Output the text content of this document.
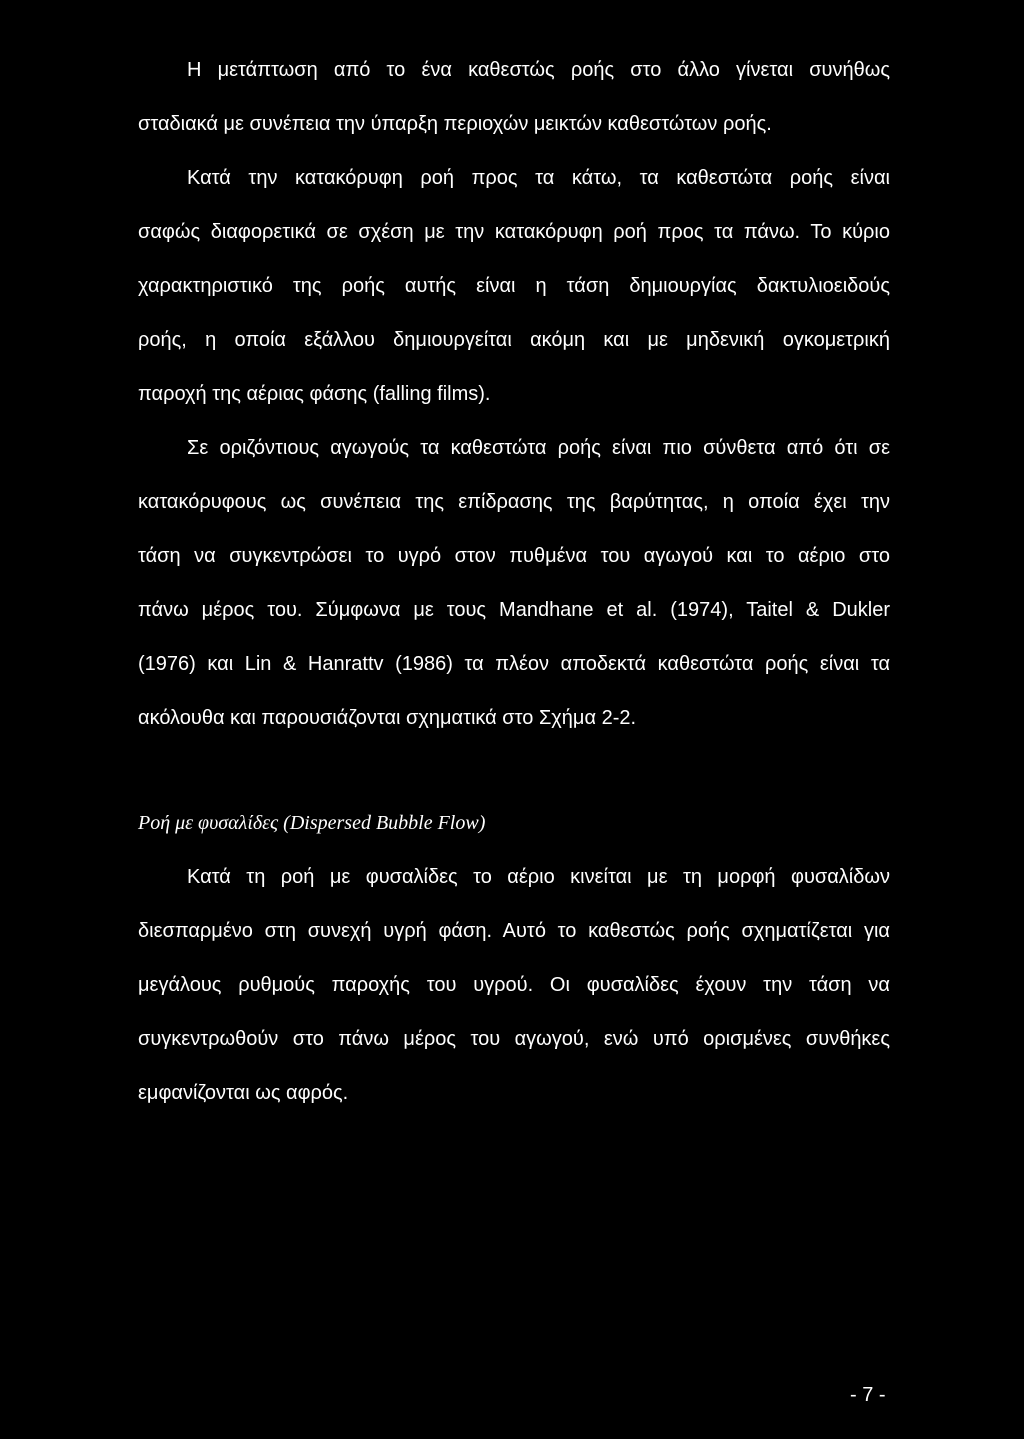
Η μετάπτωση από το ένα καθεστώς ροής στο άλλο γίνεται συνήθως
σταδιακά με συνέπεια την ύπαρξη περιοχών μεικτών καθεστώτων ροής.
Κατά την κατακόρυφη ροή προς τα κάτω, τα καθεστώτα ροής είναι
σαφώς διαφορετικά σε σχέση με την κατακόρυφη ροή προς τα πάνω. Το κύριο
χαρακτηριστικό της ροής αυτής είναι η τάση δημιουργίας δακτυλιοειδούς
ροής, η οποία εξάλλου δημιουργείται ακόμη και με μηδενική ογκομετρική
παροχή της αέριας φάσης (falling films).
Σε οριζόντιους αγωγούς τα καθεστώτα ροής είναι πιο σύνθετα από ότι σε
κατακόρυφους ως συνέπεια της επίδρασης της βαρύτητας, η οποία έχει την
τάση να συγκεντρώσει το υγρό στον πυθμένα του αγωγού και το αέριο στο
πάνω μέρος του. Σύμφωνα με τους Mandhane et al. (1974), Taitel & Dukler
(1976) και Lin & Hanrattv (1986) τα πλέον αποδεκτά καθεστώτα ροής είναι τα
ακόλουθα και παρουσιάζονται σχηματικά στο Σχήμα 2-2.
Ροή με φυσαλίδες (Dispersed Bubble Flow)
Κατά τη ροή με φυσαλίδες το αέριο κινείται με τη μορφή φυσαλίδων
διεσπαρμένο στη συνεχή υγρή φάση. Αυτό το καθεστώς ροής σχηματίζεται για
μεγάλους ρυθμούς παροχής του υγρού. Οι φυσαλίδες έχουν την τάση να
συγκεντρωθούν στο πάνω μέρος του αγωγού, ενώ υπό ορισμένες συνθήκες
εμφανίζονται ως αφρός.
- 7 -
